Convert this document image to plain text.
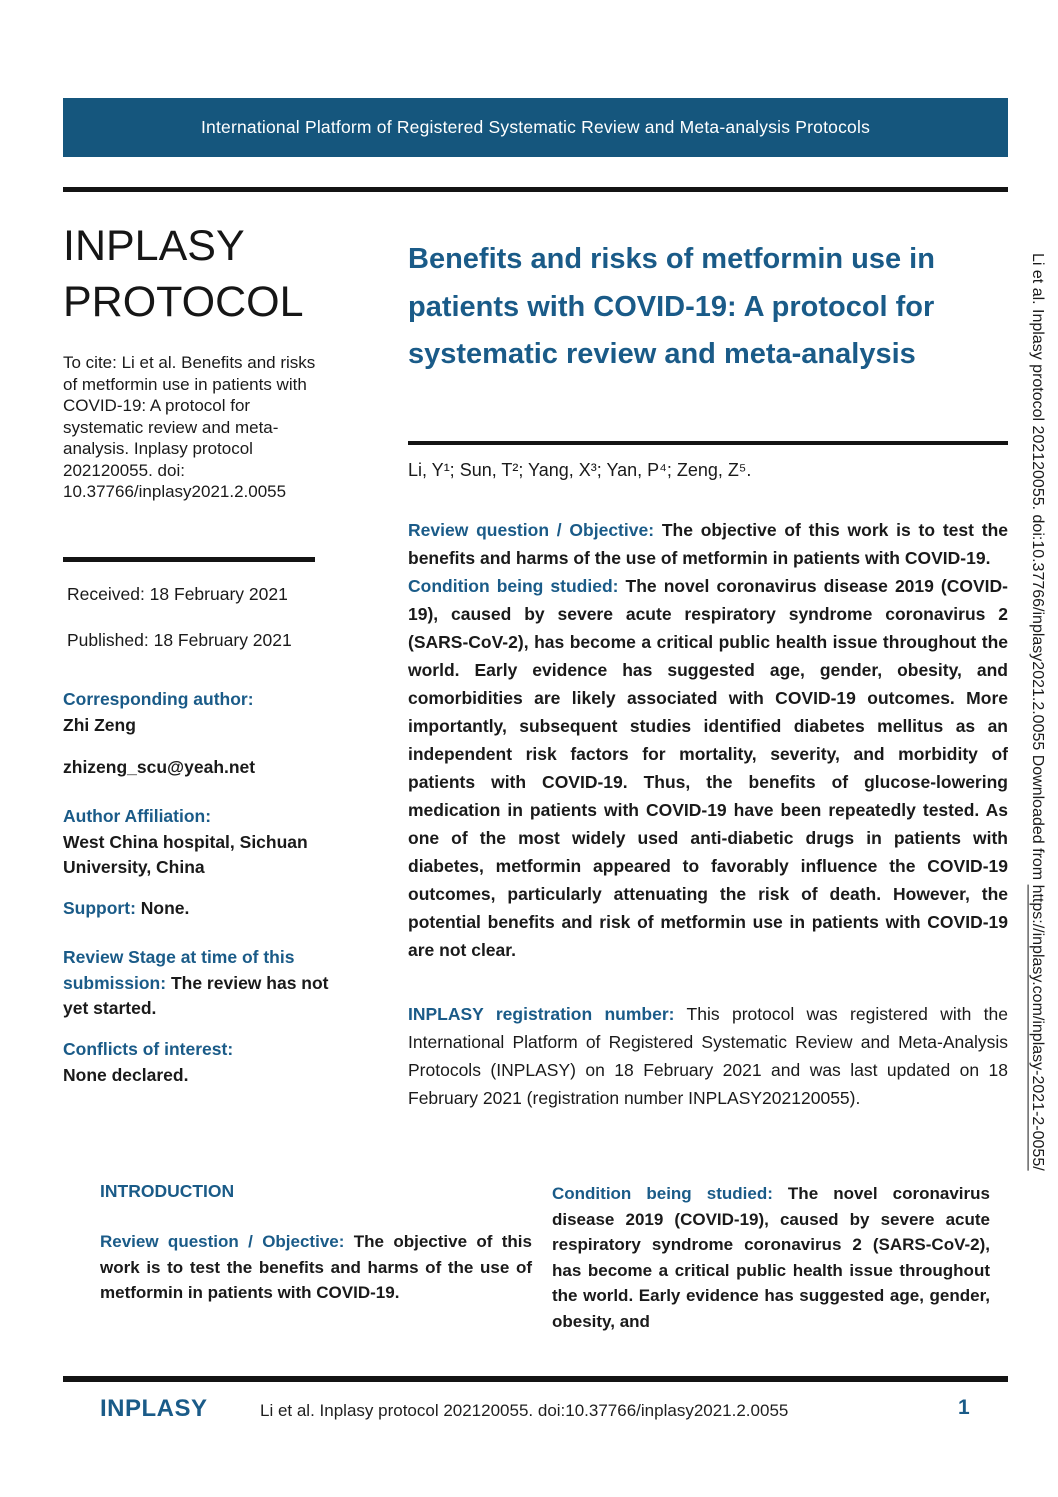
International Platform of Registered Systematic Review and Meta-analysis Protocols
INPLASY
PROTOCOL
To cite: Li et al. Benefits and risks of metformin use in patients with COVID-19: A protocol for systematic review and meta-analysis. Inplasy protocol 202120055. doi: 10.37766/inplasy2021.2.0055

Received: 18 February 2021

Published: 18 February 2021

Corresponding author:

Zhi Zeng

zhizeng_scu@yeah.net

Author Affiliation:

West China hospital, Sichuan University, China

Support: None.

Review Stage at time of this submission: The review has not yet started.

Conflicts of interest:

None declared.

Benefits and risks of metformin use in patients with COVID-19: A protocol for systematic review and meta-analysis
Li, Y¹; Sun, T²; Yang, X³; Yan, P⁴; Zeng, Z⁵.

Review question / Objective: The objective of this work is to test the benefits and harms of the use of metformin in patients with COVID-19.

Condition being studied: The novel coronavirus disease 2019 (COVID-19), caused by severe acute respiratory syndrome coronavirus 2 (SARS-CoV-2), has become a critical public health issue throughout the world. Early evidence has suggested age, gender, obesity, and comorbidities are likely associated with COVID-19 outcomes. More importantly, subsequent studies identified diabetes mellitus as an independent risk factors for mortality, severity, and morbidity of patients with COVID-19. Thus, the benefits of glucose-lowering medication in patients with COVID-19 have been repeatedly tested. As one of the most widely used anti-diabetic drugs in patients with diabetes, metformin appeared to favorably influence the COVID-19 outcomes, particularly attenuating the risk of death. However, the potential benefits and risk of metformin use in patients with COVID-19 are not clear.

INPLASY registration number: This protocol was registered with the International Platform of Registered Systematic Review and Meta-Analysis Protocols (INPLASY) on 18 February 2021 and was last updated on 18 February 2021 (registration number INPLASY202120055).

INTRODUCTION

Review question / Objective: The objective of this work is to test the benefits and harms of the use of metformin in patients with COVID-19.

Condition being studied: The novel coronavirus disease 2019 (COVID-19), caused by severe acute respiratory syndrome coronavirus 2 (SARS-CoV-2), has become a critical public health issue throughout the world. Early evidence has suggested age, gender, obesity, and

INPLASY	Li et al. Inplasy protocol 202120055. doi:10.37766/inplasy2021.2.0055	1
Li et al. Inplasy protocol 202120055. doi:10.37766/inplasy2021.2.0055 Downloaded from https://inplasy.com/inplasy-2021-2-0055/
